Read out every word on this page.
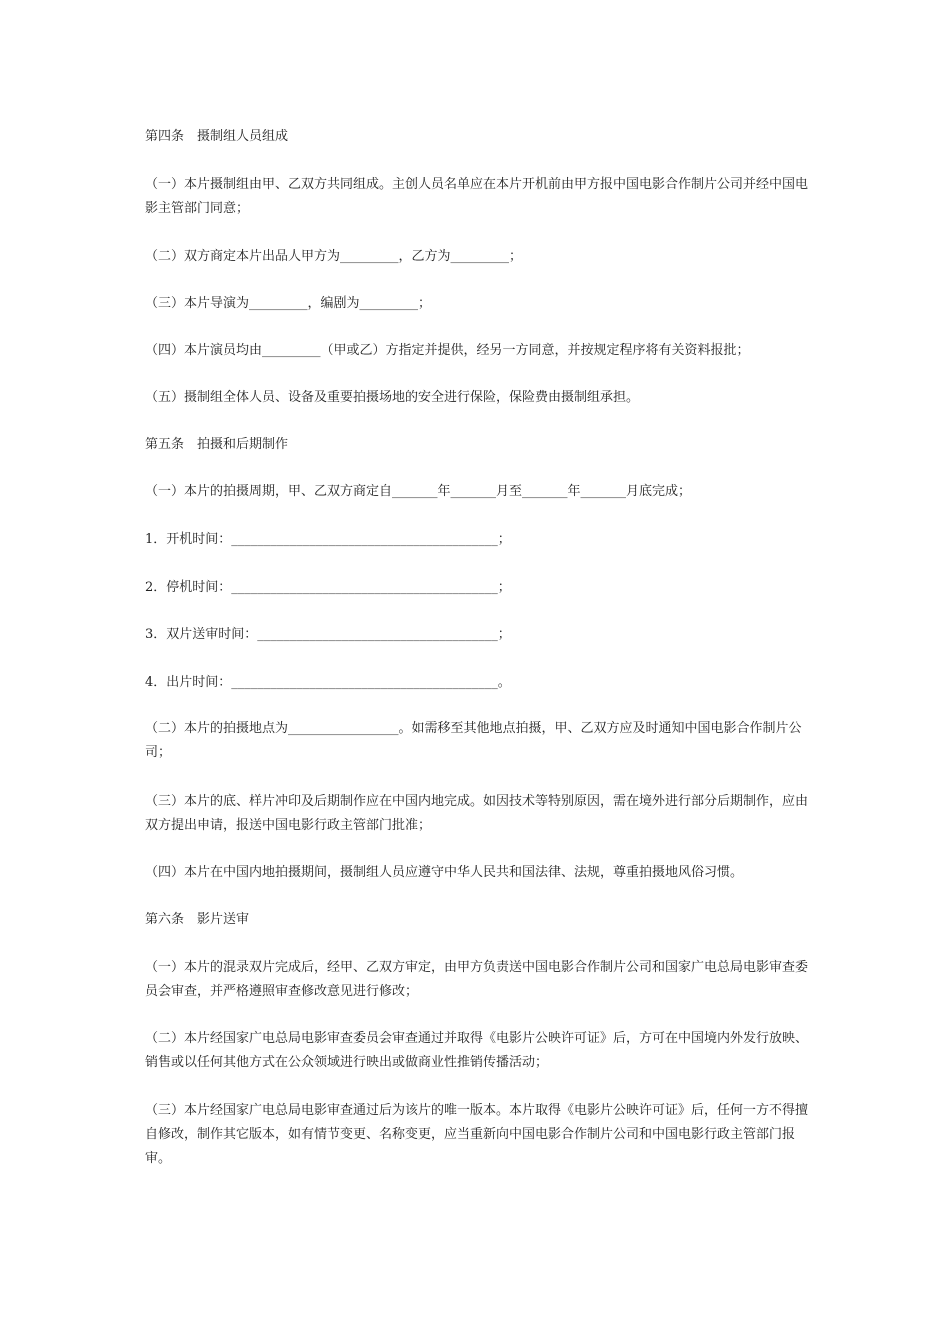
第四条　摄制组人员组成

（一）本片摄制组由甲、乙双方共同组成。主创人员名单应在本片开机前由甲方报中国电影合作制片公司并经中国电影主管部门同意；

（二）双方商定本片出品人甲方为_________，乙方为_________；

（三）本片导演为_________，编剧为_________；

（四）本片演员均由_________（甲或乙）方指定并提供，经另一方同意，并按规定程序将有关资料报批；

（五）摄制组全体人员、设备及重要拍摄场地的安全进行保险，保险费由摄制组承担。

第五条　拍摄和后期制作

（一）本片的拍摄周期，甲、乙双方商定自_______年_______月至_______年_______月底完成；

1．开机时间：_________________________________________；

2．停机时间：_________________________________________；

3．双片送审时间：_____________________________________；

4．出片时间：_________________________________________。

（二）本片的拍摄地点为_________________。如需移至其他地点拍摄，甲、乙双方应及时通知中国电影合作制片公司；

（三）本片的底、样片冲印及后期制作应在中国内地完成。如因技术等特别原因，需在境外进行部分后期制作，应由双方提出申请，报送中国电影行政主管部门批准；

（四）本片在中国内地拍摄期间，摄制组人员应遵守中华人民共和国法律、法规，尊重拍摄地风俗习惯。

第六条　影片送审

（一）本片的混录双片完成后，经甲、乙双方审定，由甲方负责送中国电影合作制片公司和国家广电总局电影审查委员会审查，并严格遵照审查修改意见进行修改；

（二）本片经国家广电总局电影审查委员会审查通过并取得《电影片公映许可证》后，方可在中国境内外发行放映、销售或以任何其他方式在公众领域进行映出或做商业性推销传播活动；

（三）本片经国家广电总局电影审查通过后为该片的唯一版本。本片取得《电影片公映许可证》后，任何一方不得擅自修改，制作其它版本，如有情节变更、名称变更，应当重新向中国电影合作制片公司和中国电影行政主管部门报审。
